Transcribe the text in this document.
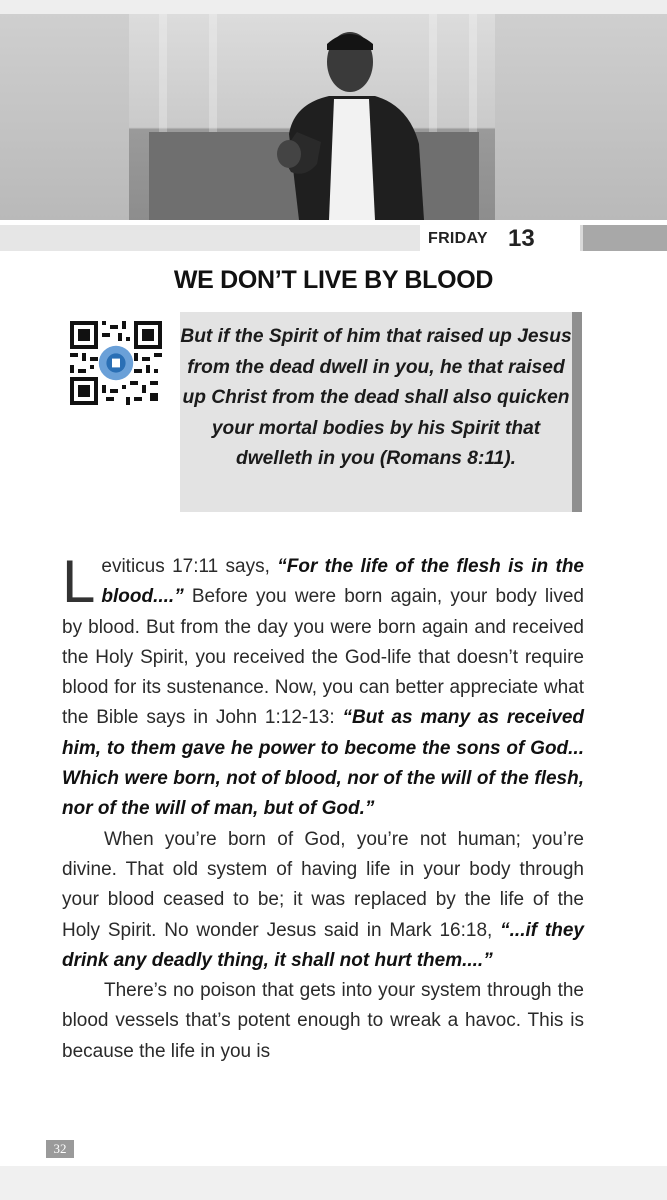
FRIDAY 13
WE DON’T LIVE BY BLOOD

But if the Spirit of him that raised up Jesus from the dead dwell in you, he that raised up Christ from the dead shall also quicken your mortal bodies by his Spirit that dwelleth in you (Romans 8:11).

Leviticus 17:11 says, “For the life of the flesh is in the blood....” Before you were born again, your body lived by blood. But from the day you were born again and received the Holy Spirit, you received the God-life that doesn’t require blood for its sustenance. Now, you can better appreciate what the Bible says in John 1:12-13: “But as many as received him, to them gave he power to become the sons of God... Which were born, not of blood, nor of the will of the flesh, nor of the will of man, but of God.”

When you’re born of God, you’re not human; you’re divine. That old system of having life in your body through your blood ceased to be; it was replaced by the life of the Holy Spirit. No wonder Jesus said in Mark 16:18, “...if they drink any deadly thing, it shall not hurt them....”

There’s no poison that gets into your system through the blood vessels that’s potent enough to wreak a havoc. This is because the life in you is

32
